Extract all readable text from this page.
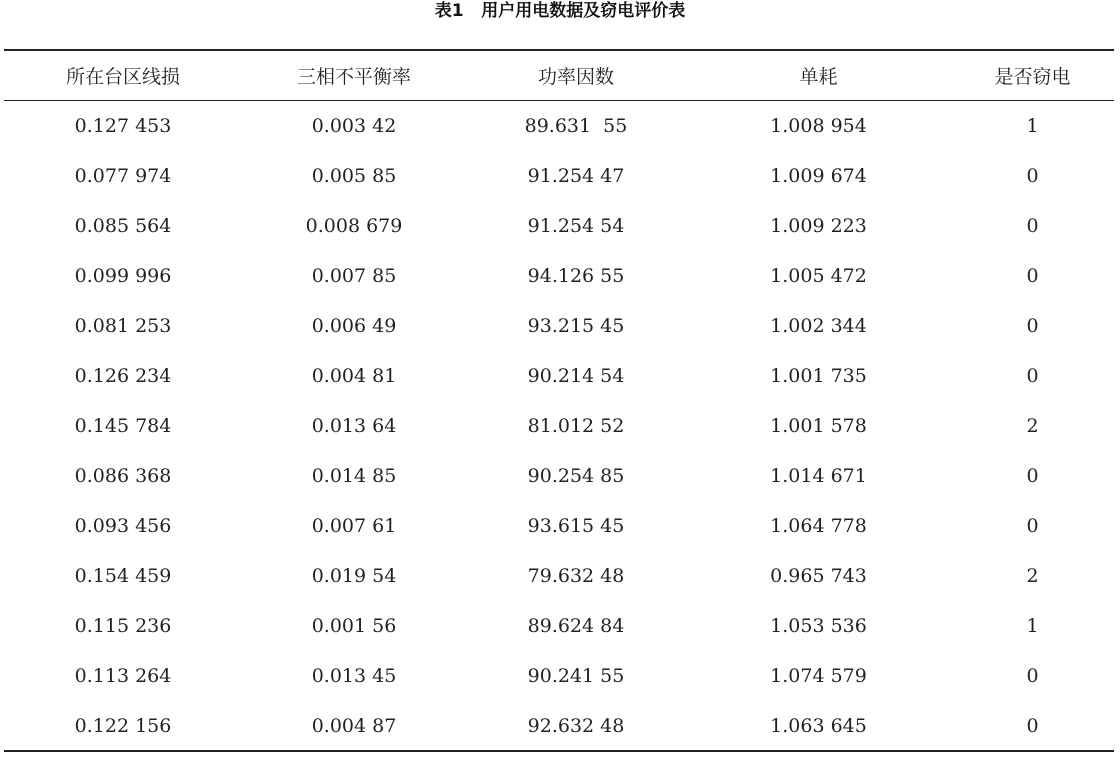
表1   用户用电数据及窃电评价表
所在台区线损	三相不平衡率	功率因数	单耗	是否窃电
0.127 453	0.003 42	89.631  55	1.008 954	1
0.077 974	0.005 85	91.254 47	1.009 674	0
0.085 564	0.008 679	91.254 54	1.009 223	0
0.099 996	0.007 85	94.126 55	1.005 472	0
0.081 253	0.006 49	93.215 45	1.002 344	0
0.126 234	0.004 81	90.214 54	1.001 735	0
0.145 784	0.013 64	81.012 52	1.001 578	2
0.086 368	0.014 85	90.254 85	1.014 671	0
0.093 456	0.007 61	93.615 45	1.064 778	0
0.154 459	0.019 54	79.632 48	0.965 743	2
0.115 236	0.001 56	89.624 84	1.053 536	1
0.113 264	0.013 45	90.241 55	1.074 579	0
0.122 156	0.004 87	92.632 48	1.063 645	0
